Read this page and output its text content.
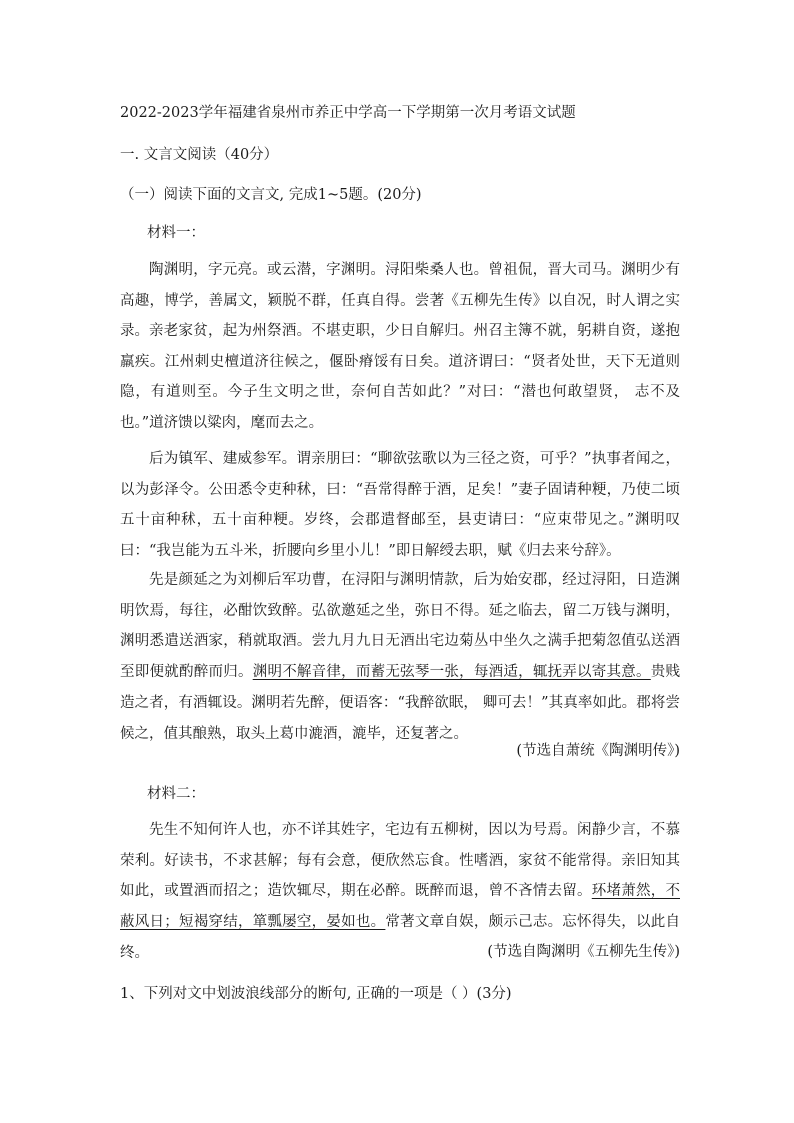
2022-2023学年福建省泉州市养正中学高一下学期第一次月考语文试题
一. 文言文阅读（40分）
（一）阅读下面的文言文, 完成1~5题。(20分)
材料一：
陶渊明，字元亮。或云潜，字渊明。浔阳柴桑人也。曾祖侃，晋大司马。渊明少有高趣，博学，善属文，颖脱不群，任真自得。尝著《五柳先生传》以自况，时人谓之实录。 亲老家贫，起为州祭酒。不堪吏职，少日自解归。州召主簿不就，躬耕自资，遂抱羸疾。江州刺史檀道济往候之，偃卧瘠馁有日矣。道济谓曰：“贤者处世，天下无道则隐，有道则至。今子生文明之世，奈何自苦如此？”对曰：“潜也何敢望贤， 志不及也。”道济馈以粱肉，麾而去之。
后为镇军、建威参军。谓亲朋曰：“聊欲弦歌以为三径之资，可乎？”执事者闻之，以为彭泽令。公田悉令吏种秫，曰：“吾常得醉于酒，足矣！”妻子固请种粳，乃使二顷五十亩种秫，五十亩种粳。岁终，会郡遣督邮至，县吏请曰：“应束带见之。”渊明叹曰：“我岂能为五斗米，折腰向乡里小儿！”即日解绶去职，赋《归去来兮辞》。
先是颜延之为刘柳后军功曹，在浔阳与渊明情款，后为始安郡，经过浔阳，日造渊明饮焉，每往，必酣饮致醉。弘欲邀延之坐，弥日不得。延之临去，留二万钱与渊明，渊明悉遣送酒家，稍就取酒。尝九月九日无酒出宅边菊丛中坐久之满手把菊忽值弘送酒至即便就酌醉而归。渊明不解音律，而蓄无弦琴一张，每酒适，辄抚弄以寄其意。贵贱造之者，有酒辄设。渊明若先醉，便语客：“我醉欲眠， 卿可去！”其真率如此。郡将尝候之，值其酿熟，取头上葛巾漉酒，漉毕，还复著之。
(节选自萧统《陶渊明传》)
材料二：
先生不知何许人也，亦不详其姓字，宅边有五柳树，因以为号焉。闲静少言，不慕荣利。好读书，不求甚解；每有会意，便欣然忘食。性嗜酒，家贫不能常得。亲旧知其如此，或置酒而招之；造饮辄尽，期在必醉。既醉而退，曾不吝情去留。环堵萧然，不蔽风日；短褐穿结，箪瓢屡空，晏如也。常著文章自娱，颇示己志。忘怀得失，以此自终。	(节选自陶渊明《五柳先生传》)
1、下列对文中划波浪线部分的断句, 正确的一项是（ ）(3分)
